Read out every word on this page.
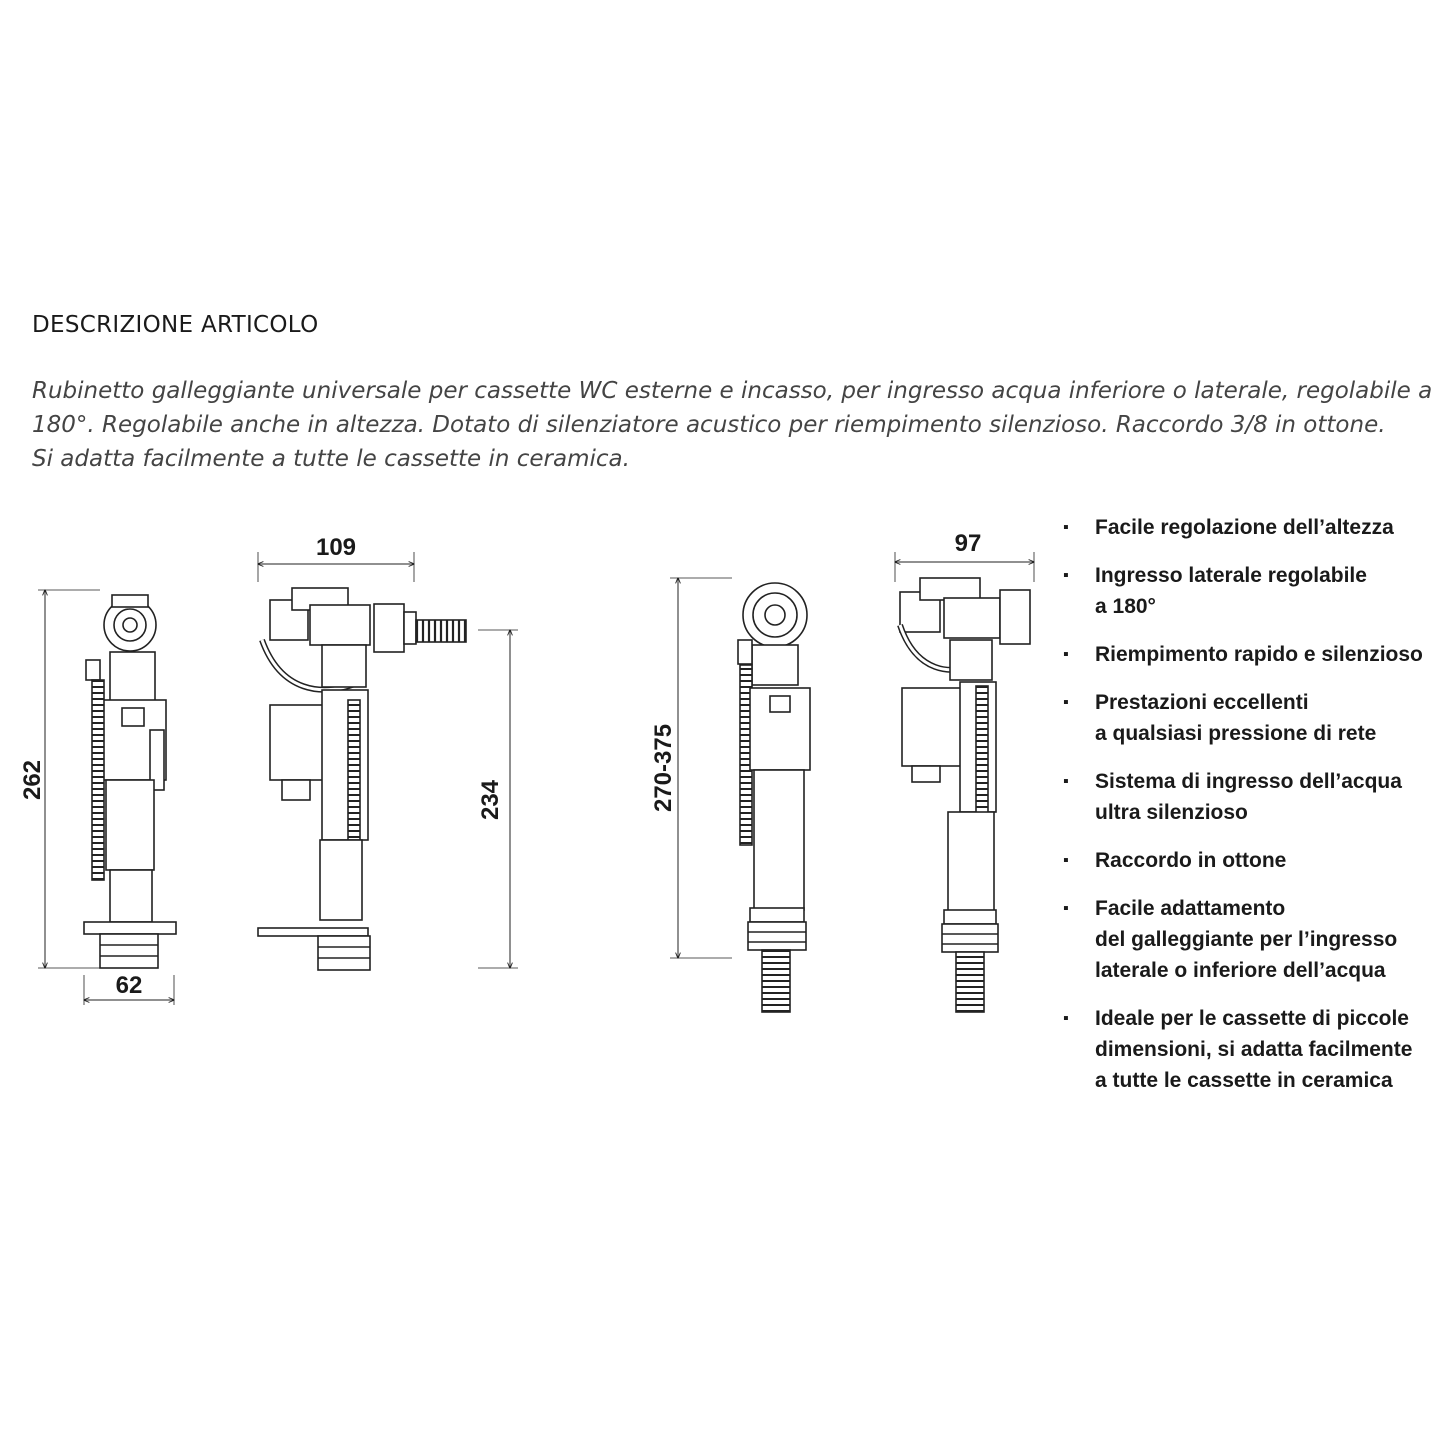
DESCRIZIONE ARTICOLO
Rubinetto galleggiante universale per cassette WC esterne e incasso, per ingresso acqua inferiore o laterale, regolabile a
180°. Regolabile anche in altezza. Dotato di silenziatore acustico per riempimento silenzioso. Raccordo 3/8 in ottone.
Si adatta facilmente a tutte le cassette in ceramica.
262
62
109
234	270-375
97
▪ Facile regolazione dell’altezza
▪ Ingresso laterale regolabile
a 180°
▪ Riempimento rapido e silenzioso
▪ Prestazioni eccellenti
a qualsiasi pressione di rete
▪ Sistema di ingresso dell’acqua
ultra silenzioso
▪ Raccordo in ottone
▪ Facile adattamento
del galleggiante per l’ingresso
laterale o inferiore dell’acqua
▪ Ideale per le cassette di piccole
dimensioni, si adatta facilmente
a tutte le cassette in ceramica
